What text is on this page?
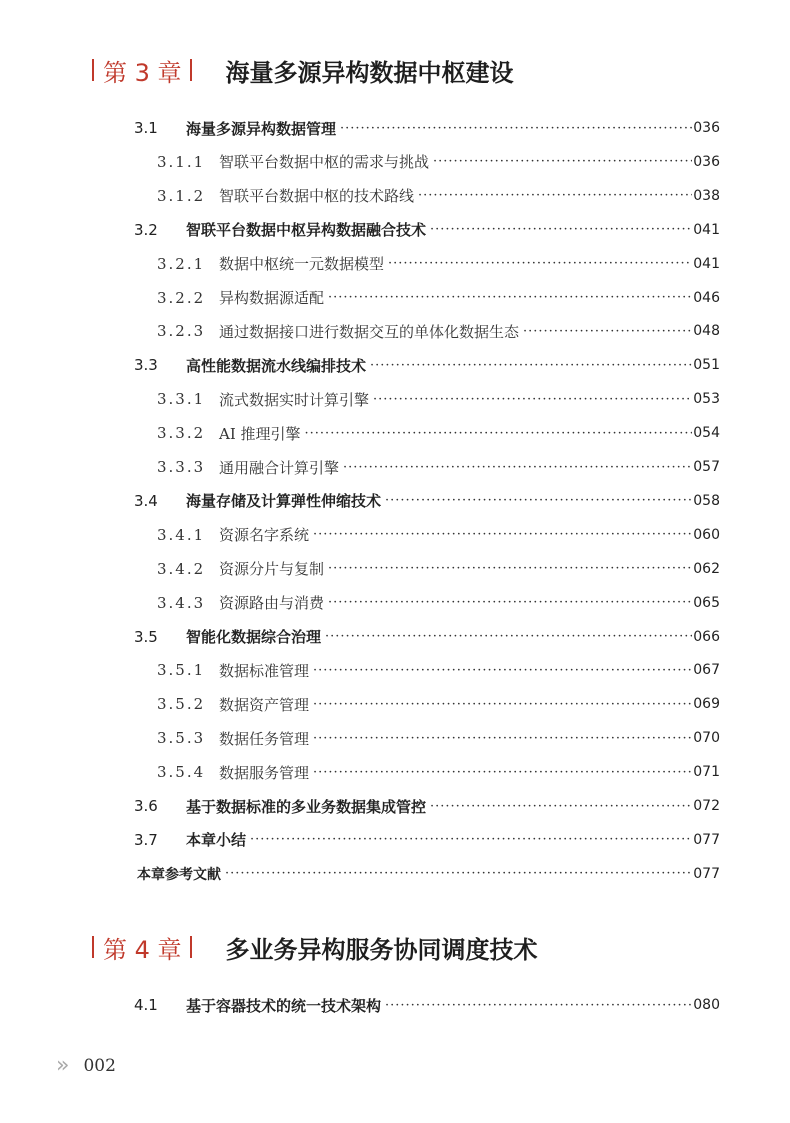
第 3 章 海量多源异构数据中枢建设
3.1 海量多源异构数据管理 ·····	036
3.1.1 智联平台数据中枢的需求与挑战 ·····	036
3.1.2 智联平台数据中枢的技术路线 ·····	038
3.2 智联平台数据中枢异构数据融合技术 ·····	041
3.2.1 数据中枢统一元数据模型 ·····	041
3.2.2 异构数据源适配 ·····	046
3.2.3 通过数据接口进行数据交互的单体化数据生态 ·····	048
3.3 高性能数据流水线编排技术 ·····	051
3.3.1 流式数据实时计算引擎 ·····	053
3.3.2 AI 推理引擎 ·····	054
3.3.3 通用融合计算引擎 ·····	057
3.4 海量存储及计算弹性伸缩技术 ·····	058
3.4.1 资源名字系统 ·····	060
3.4.2 资源分片与复制 ·····	062
3.4.3 资源路由与消费 ·····	065
3.5 智能化数据综合治理 ·····	066
3.5.1 数据标准管理 ·····	067
3.5.2 数据资产管理 ·····	069
3.5.3 数据任务管理 ·····	070
3.5.4 数据服务管理 ·····	071
3.6 基于数据标准的多业务数据集成管控 ·····	072
3.7 本章小结 ·····	077
本章参考文献 ·····	077
第 4 章 多业务异构服务协同调度技术
4.1 基于容器技术的统一技术架构 ·····	080
» 002
